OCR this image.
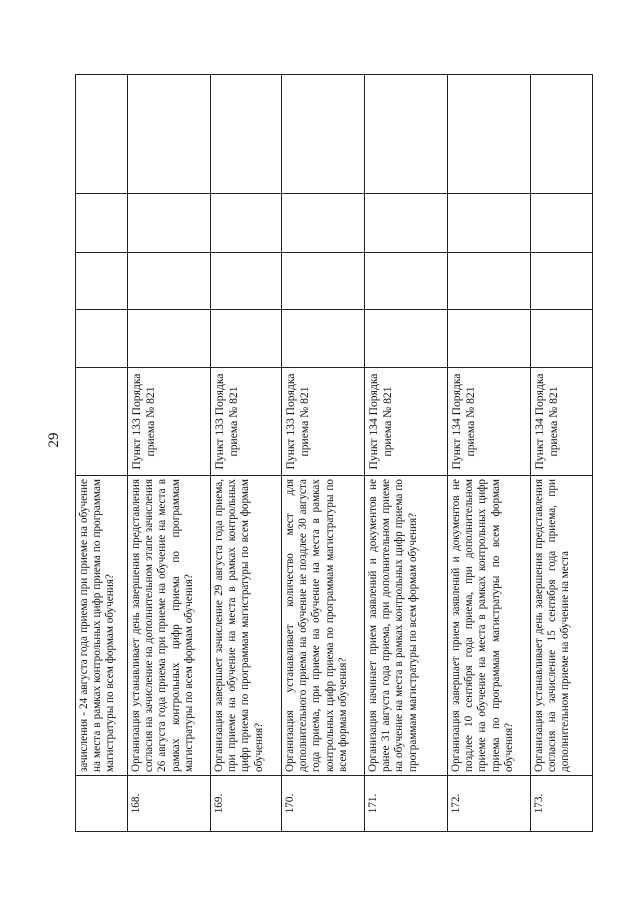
29
	зачисления - 24 августа года приема при приеме на обучение на места в рамках контрольных цифр приема по программам магистратуры по всем формам обучения?					
168.	Организация устанавливает день завершения представления согласия на зачисление на дополнительном этапе зачисления 26 августа года приема при приеме на обучение на места в рамках контрольных цифр приема по программам магистратуры по всем формам обучения?	Пункт 133 Порядка приема № 821				
169.	Организация завершает зачисление 29 августа года приема, при приеме на обучение на места в рамках контрольных цифр приема по программам магистратуры по всем формам обучения?	Пункт 133 Порядка приема № 821				
170.	Организация устанавливает количество мест для дополнительного приема на обучение не поздлее 30 августа года приема, при приеме на обучение на места в рамках контрольных цифр приема по программам магистратуры по всем формам обучения?	Пункт 133 Порядка приема № 821				
171.	Организация начинает прием заявлений и документов не ранее 31 августа года приема, при дополнительном приеме на обучение на места в рамках контрольных цифр приема по программам магистратуры по всем формам обучения?	Пункт 134 Порядка приема № 821				
172.	Организация завершает прием заявлений и документов не поздлее 10 сентября года приема, при дополнительном приеме на обучение на места в рамках контрольных цифр приема по программам магистратуры по всем формам обучения?	Пункт 134 Порядка приема № 821				
173.	Организация устанавливает день завершения представления согласия на зачисление 15 сентября года приема, при дополнительном приеме на обучение на места	Пункт 134 Порядка приема № 821				
